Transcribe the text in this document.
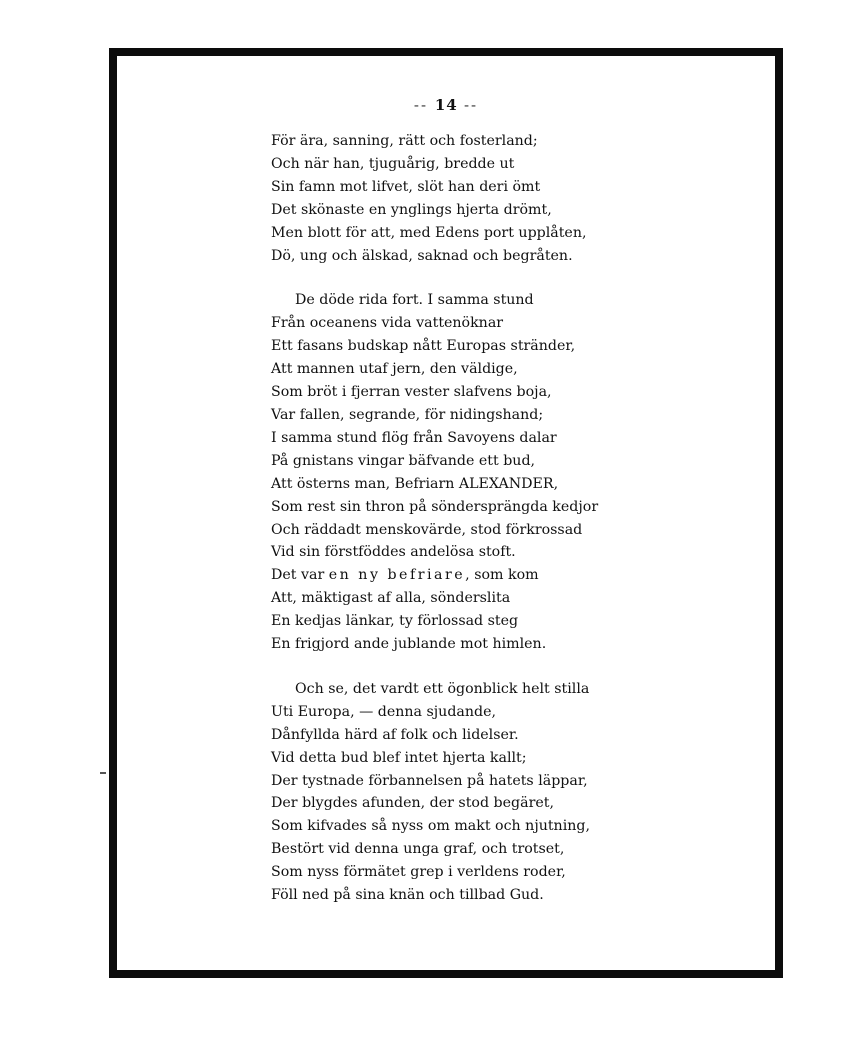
-- 14 --
För ära, sanning, rätt och fosterland;
Och när han, tjuguårig, bredde ut
Sin famn mot lifvet, slöt han deri ömt
Det skönaste en ynglings hjerta drömt,
Men blott för att, med Edens port upplåten,
Dö, ung och älskad, saknad och begråten.
De döde rida fort. I samma stund
Från oceanens vida vattenöknar
Ett fasans budskap nått Europas stränder,
Att mannen utaf jern, den väldige,
Som bröt i fjerran vester slafvens boja,
Var fallen, segrande, för nidingshand;
I samma stund flög från Savoyens dalar
På gnistans vingar bäfvande ett bud,
Att österns man, Befriarn ALEXANDER,
Som rest sin thron på söndersprängda kedjor
Och räddadt menskovärde, stod förkrossad
Vid sin förstföddes andelösa stoft.
Det var en ny befriare, som kom
Att, mäktigast af alla, sönderslita
En kedjas länkar, ty förlossad steg
En frigjord ande jublande mot himlen.
Och se, det vardt ett ögonblick helt stilla
Uti Europa, — denna sjudande,
Dånfyllda härd af folk och lidelser.
Vid detta bud blef intet hjerta kallt;
Der tystnade förbannelsen på hatets läppar,
Der blygdes afunden, der stod begäret,
Som kifvades så nyss om makt och njutning,
Bestört vid denna unga graf, och trotset,
Som nyss förmätet grep i verldens roder,
Föll ned på sina knän och tillbad Gud.
